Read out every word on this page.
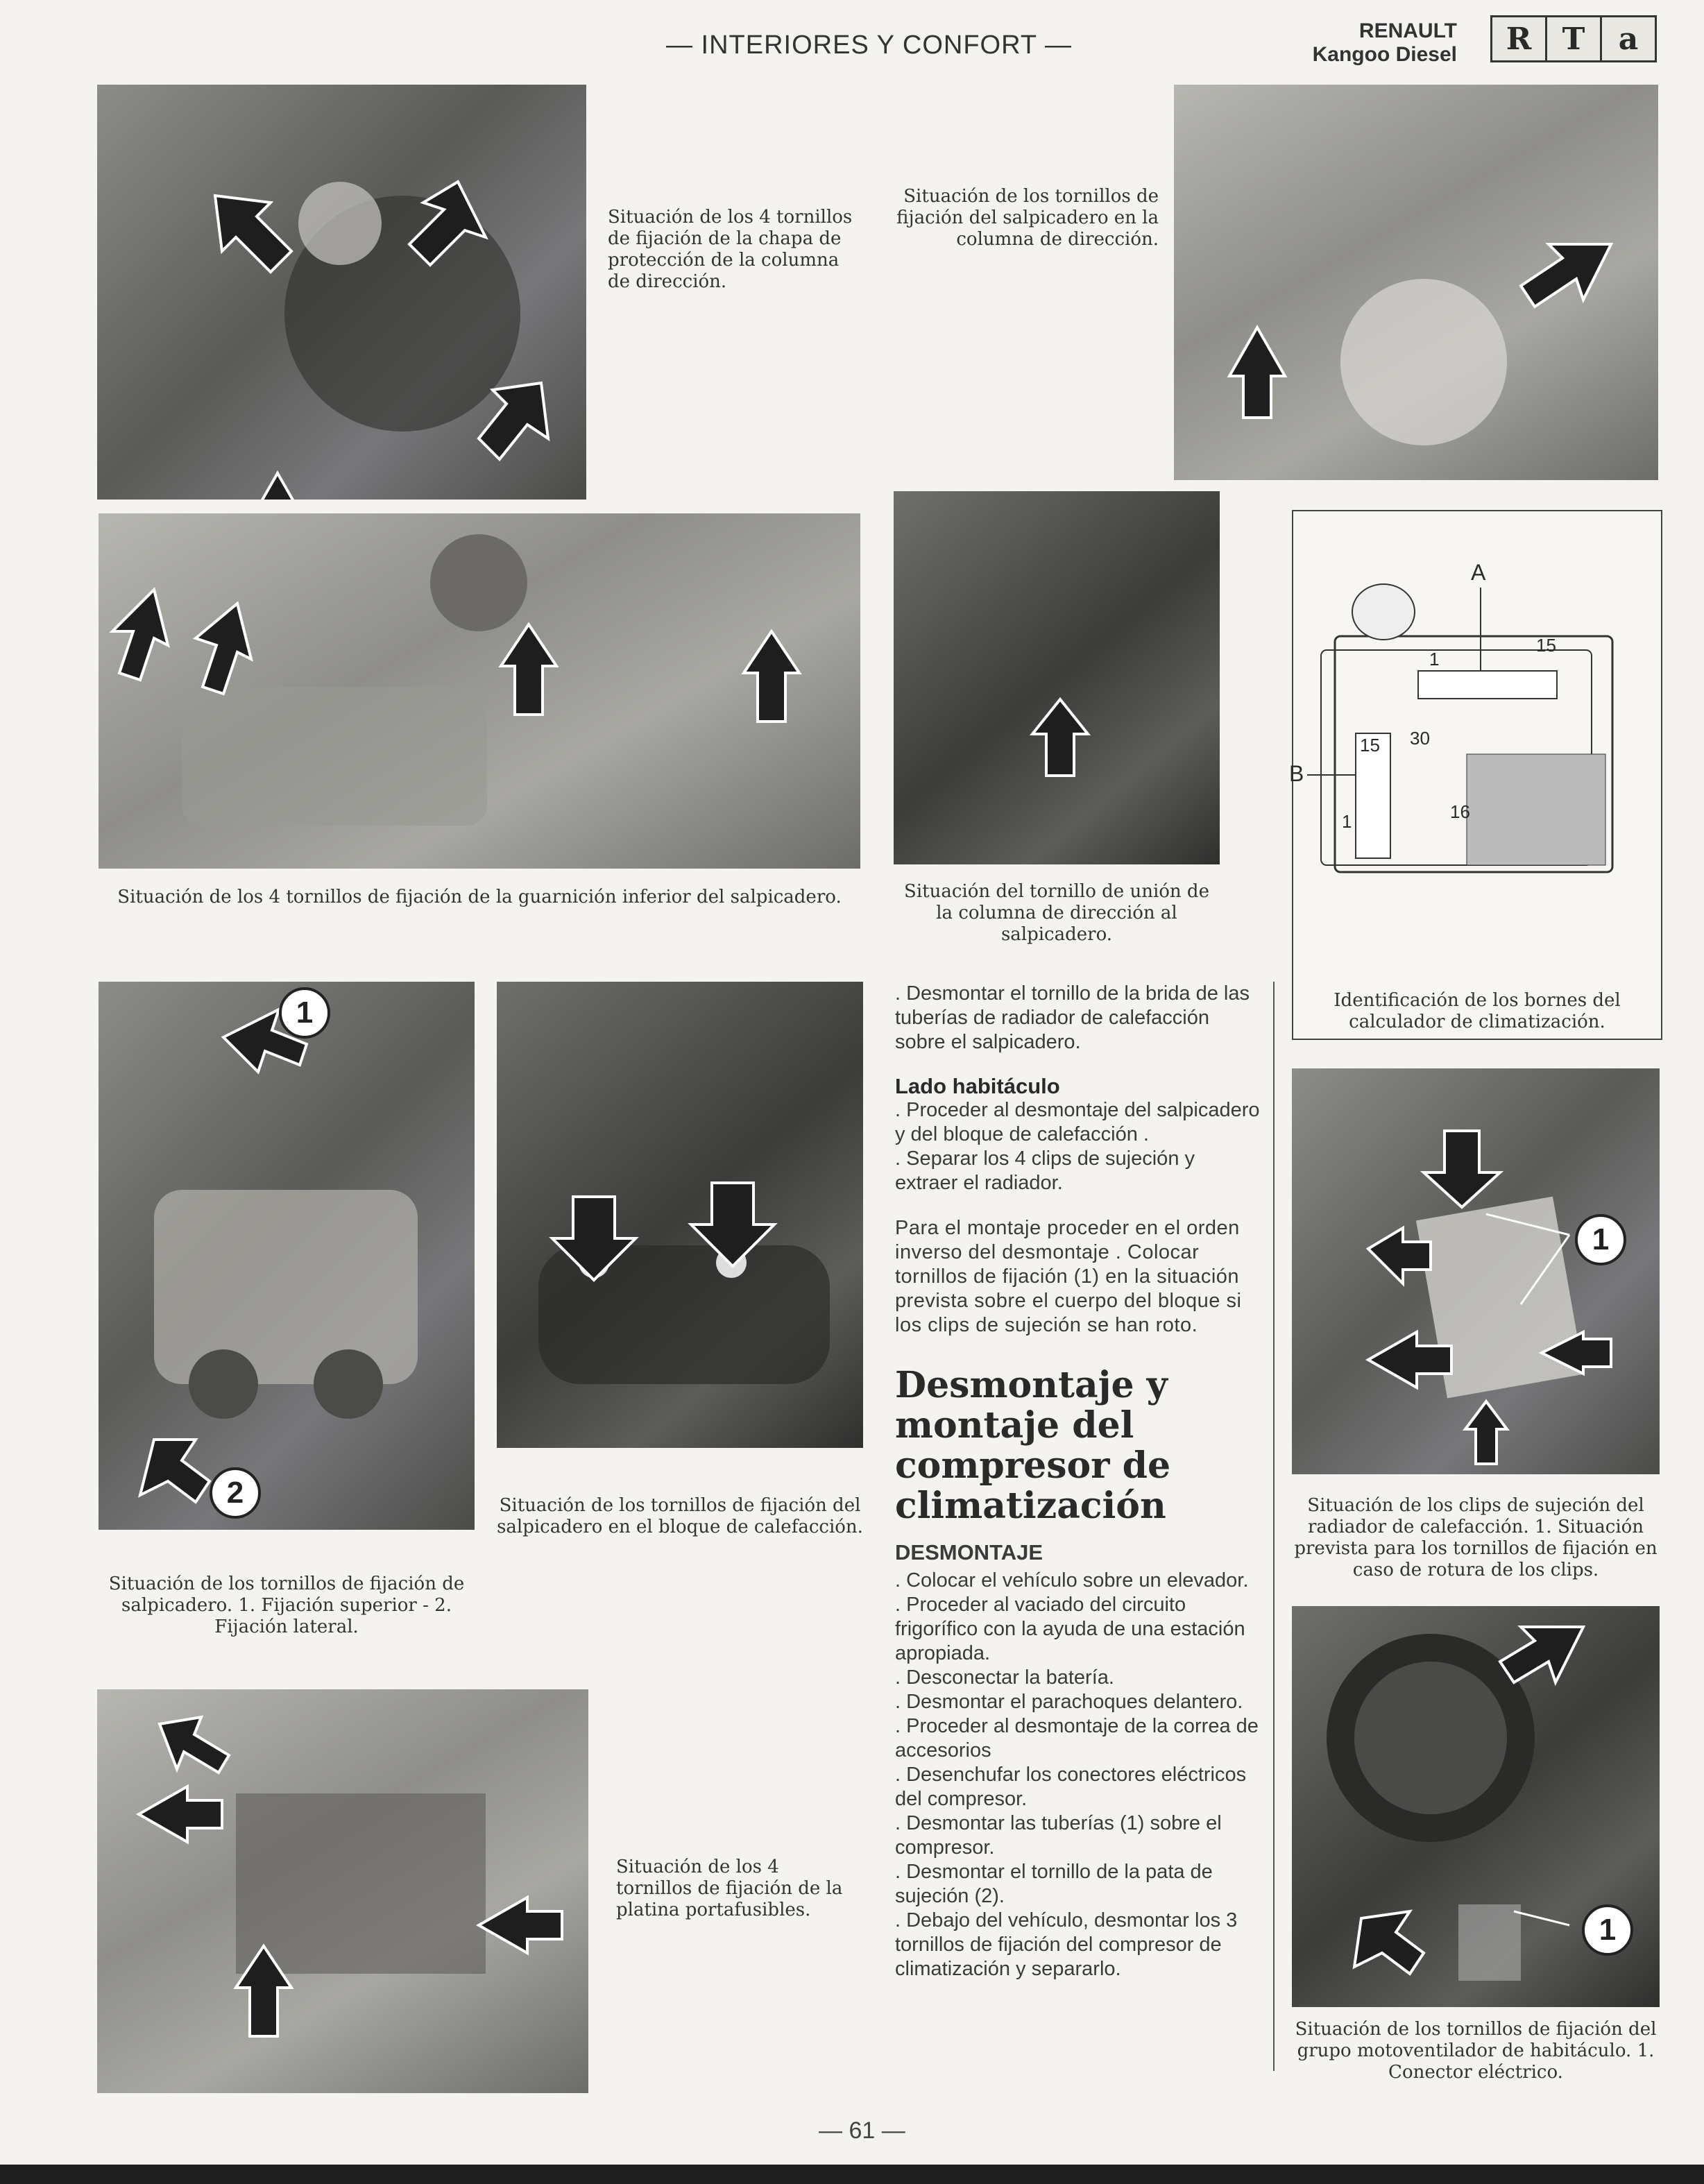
— INTERIORES Y CONFORT —	RENAULT
Kangoo Diesel	R	T	a
Situación de los 4 tornillos de fijación de la chapa de protección de la columna de dirección.
Situación de los tornillos de fijación del salpicadero en la columna de dirección.
Situación de los 4 tornillos de fijación de la guarnición inferior del salpicadero.	Situación del tornillo de unión de la columna de dirección al salpicadero.
A
1
15
15 30
B
1	16
Identificación de los bornes del calculador de climatización.
1
2
Situación de los tornillos de fijación de salpicadero. 1. Fijación superior - 2. Fijación lateral.
Situación de los tornillos de fijación del salpicadero en el bloque de calefacción.

. Desmontar el tornillo de la brida de las tuberías de radiador de calefacción sobre el salpicadero.

Lado habitáculo

. Proceder al desmontaje del salpicadero y del bloque de calefacción .

. Separar los 4 clips de sujeción y extraer el radiador.

Para el montaje proceder en el orden inverso del desmontaje . Colocar tornillos de fijación (1) en la situación prevista sobre el cuerpo del bloque si los clips de sujeción se han roto.

Desmontaje y montaje del compresor de climatización
DESMONTAJE

. Colocar el vehículo sobre un elevador.

. Proceder al vaciado del circuito frigorífico con la ayuda de una estación apropiada.

. Desconectar la batería.

. Desmontar el parachoques delantero.

. Proceder al desmontaje de la correa de accesorios

. Desenchufar los conectores eléctricos del compresor.

. Desmontar las tuberías (1) sobre el compresor.

. Desmontar el tornillo de la pata de sujeción (2).

. Debajo del vehículo, desmontar los 3 tornillos de fijación del compresor de climatización y separarlo.

1
Situación de los clips de sujeción del radiador de calefacción. 1. Situación prevista para los tornillos de fijación en caso de rotura de los clips.
Situación de los 4 tornillos de fijación de la platina portafusibles.
1
Situación de los tornillos de fijación del grupo motoventilador de habitáculo. 1. Conector eléctrico.
— 61 —
